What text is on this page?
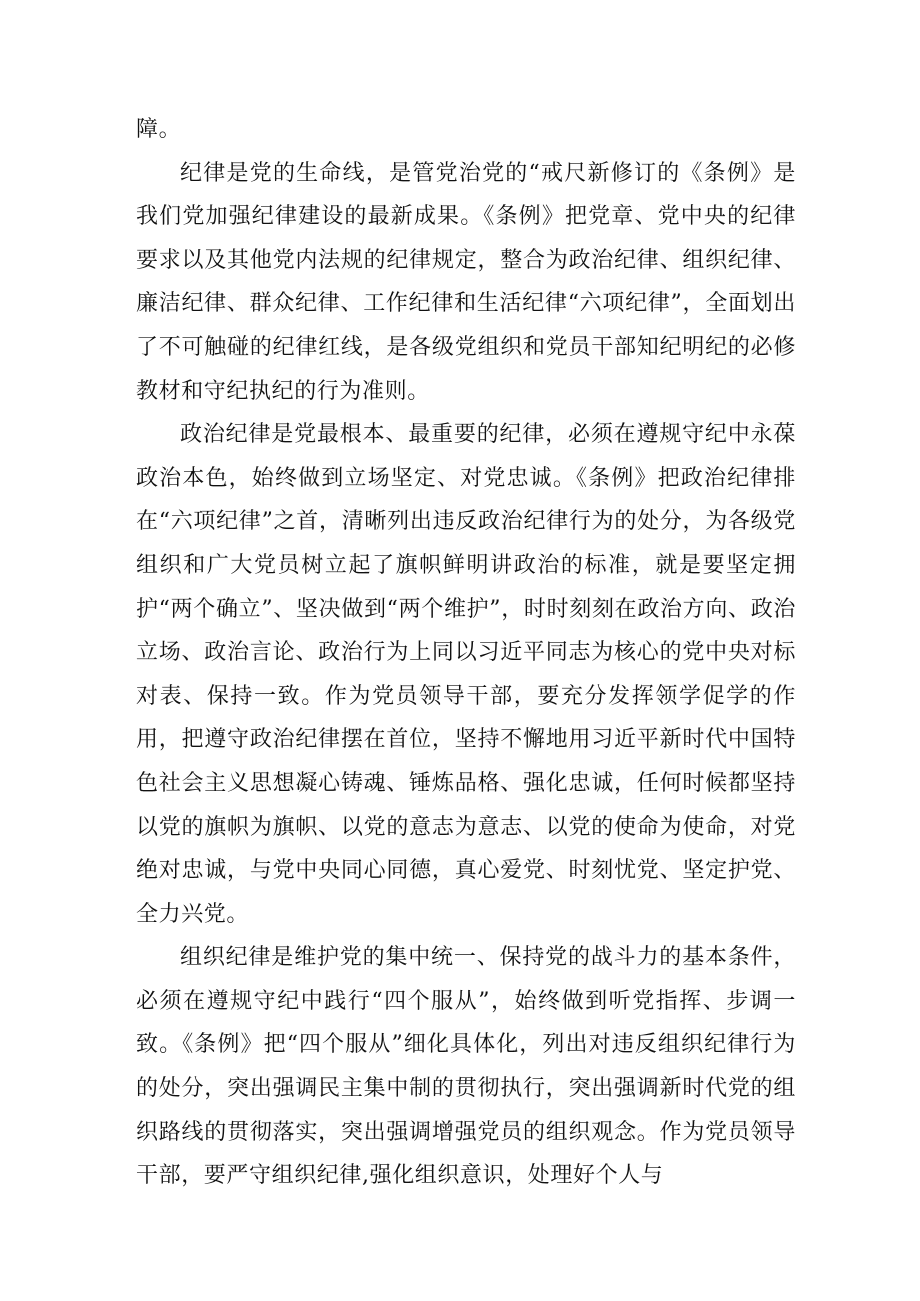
障。

纪律是党的生命线，是管党治党的“戒尺新修订的《条例》是我们党加强纪律建设的最新成果。《条例》把党章、党中央的纪律要求以及其他党内法规的纪律规定，整合为政治纪律、组织纪律、廉洁纪律、群众纪律、工作纪律和生活纪律“六项纪律”，全面划出了不可触碰的纪律红线，是各级党组织和党员干部知纪明纪的必修教材和守纪执纪的行为准则。

政治纪律是党最根本、最重要的纪律，必须在遵规守纪中永葆政治本色，始终做到立场坚定、对党忠诚。《条例》把政治纪律排在“六项纪律”之首，清晰列出违反政治纪律行为的处分，为各级党组织和广大党员树立起了旗帜鲜明讲政治的标准，就是要坚定拥护“两个确立”、坚决做到“两个维护”，时时刻刻在政治方向、政治立场、政治言论、政治行为上同以习近平同志为核心的党中央对标对表、保持一致。作为党员领导干部，要充分发挥领学促学的作用，把遵守政治纪律摆在首位，坚持不懈地用习近平新时代中国特色社会主义思想凝心铸魂、锤炼品格、强化忠诚，任何时候都坚持以党的旗帜为旗帜、以党的意志为意志、以党的使命为使命，对党绝对忠诚，与党中央同心同德，真心爱党、时刻忧党、坚定护党、全力兴党。

组织纪律是维护党的集中统一、保持党的战斗力的基本条件，必须在遵规守纪中践行“四个服从”，始终做到听党指挥、步调一致。《条例》把“四个服从”细化具体化，列出对违反组织纪律行为的处分，突出强调民主集中制的贯彻执行，突出强调新时代党的组织路线的贯彻落实，突出强调增强党员的组织观念。作为党员领导干部，要严守组织纪律,强化组织意识，处理好个人与
